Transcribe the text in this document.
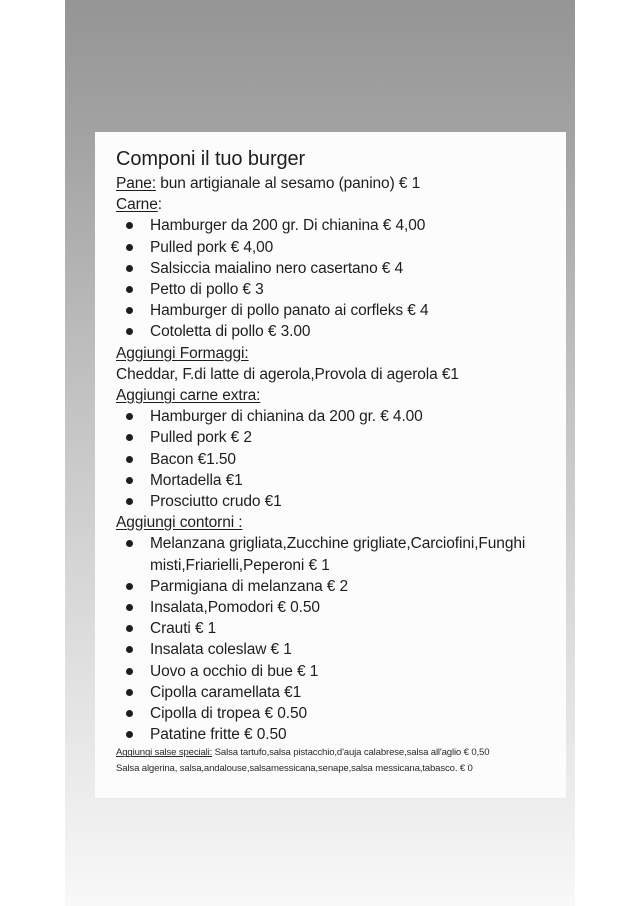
Componi il tuo burger
Pane: bun artigianale al sesamo (panino) € 1
Carne:
Hamburger da 200 gr. Di chianina € 4,00
Pulled pork € 4,00
Salsiccia maialino nero casertano € 4
Petto di pollo € 3
Hamburger di pollo panato ai corfleks € 4
Cotoletta di pollo € 3.00
Aggiungi Formaggi:
Cheddar, F.di latte di agerola,Provola di agerola €1
Aggiungi carne extra:
Hamburger di chianina da 200 gr. € 4.00
Pulled pork € 2
Bacon €1.50
Mortadella €1
Prosciutto crudo €1
Aggiungi contorni :
Melanzana grigliata,Zucchine grigliate,Carciofini,Funghi misti,Friarielli,Peperoni € 1
Parmigiana di melanzana € 2
Insalata,Pomodori € 0.50
Crauti € 1
Insalata coleslaw € 1
Uovo a occhio di bue € 1
Cipolla caramellata €1
Cipolla di tropea € 0.50
Patatine fritte € 0.50
Aggiungi salse speciali: Salsa tartufo,salsa pistacchio,d'auja calabrese,salsa all'aglio € 0,50
Salsa algerina, salsa,andalouse,salsamessicana,senape,salsa messicana,tabasco. € 0
